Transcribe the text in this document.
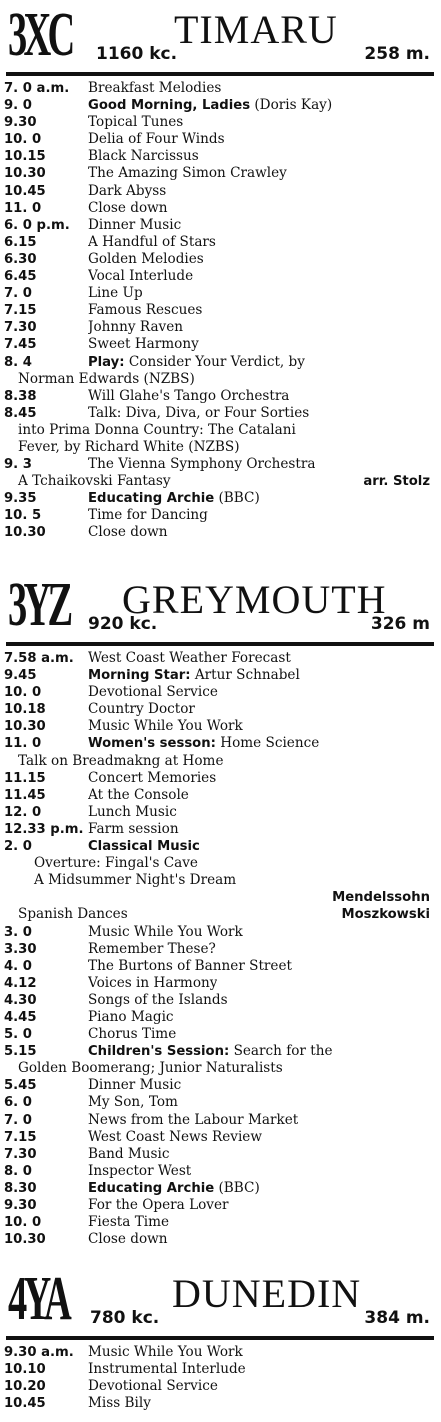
3XC	TIMARU
1160 kc.	258 m.
7. 0 a.m.	Breakfast Melodies
9. 0	Good Morning, Ladies (Doris Kay)
9.30	Topical Tunes
10. 0	Delia of Four Winds
10.15	Black Narcissus
10.30	The Amazing Simon Crawley
10.45	Dark Abyss
11. 0	Close down
6. 0 p.m.	Dinner Music
6.15	A Handful of Stars
6.30	Golden Melodies
6.45	Vocal Interlude
7. 0	Line Up
7.15	Famous Rescues
7.30	Johnny Raven
7.45	Sweet Harmony
8. 4	Play: Consider Your Verdict, by
Norman Edwards (NZBS)
8.38	Will Glahe's Tango Orchestra
8.45	Talk: Diva, Diva, or Four Sorties
into Prima Donna Country: The Catalani
Fever, by Richard White (NZBS)
9. 3	The Vienna Symphony Orchestra
A Tchaikovski Fantasy	arr. Stolz
9.35	Educating Archie (BBC)
10. 5	Time for Dancing
10.30	Close down
3YZ GREYMOUTH
920 kc.	326 m
7.58 a.m.	West Coast Weather Forecast
9.45	Morning Star: Artur Schnabel
10. 0	Devotional Service
10.18	Country Doctor
10.30	Music While You Work
11. 0	Women's sesson: Home Science
Talk on Breadmakng at Home
11.15	Concert Memories
11.45	At the Console
12. 0	Lunch Music
12.33 p.m. Farm session
2. 0	Classical Music
Overture: Fingal's Cave
A Midsummer Night's Dream
Mendelssohn
Spanish Dances	Moszkowski
3. 0	Music While You Work
3.30	Remember These?
4. 0	The Burtons of Banner Street
4.12	Voices in Harmony
4.30	Songs of the Islands
4.45	Piano Magic
5. 0	Chorus Time
5.15	Children's Session: Search for the
Golden Boomerang; Junior Naturalists
5.45	Dinner Music
6. 0	My Son, Tom
7. 0	News from the Labour Market
7.15	West Coast News Review
7.30	Band Music
8. 0	Inspector West
8.30	Educating Archie (BBC)
9.30	For the Opera Lover
10. 0	Fiesta Time
10.30	Close down
4YA	DUNEDIN
780 kc.	384 m.
9.30 a.m.	Music While You Work
10.10	Instrumental Interlude
10.20	Devotional Service
10.45	Miss Bily
